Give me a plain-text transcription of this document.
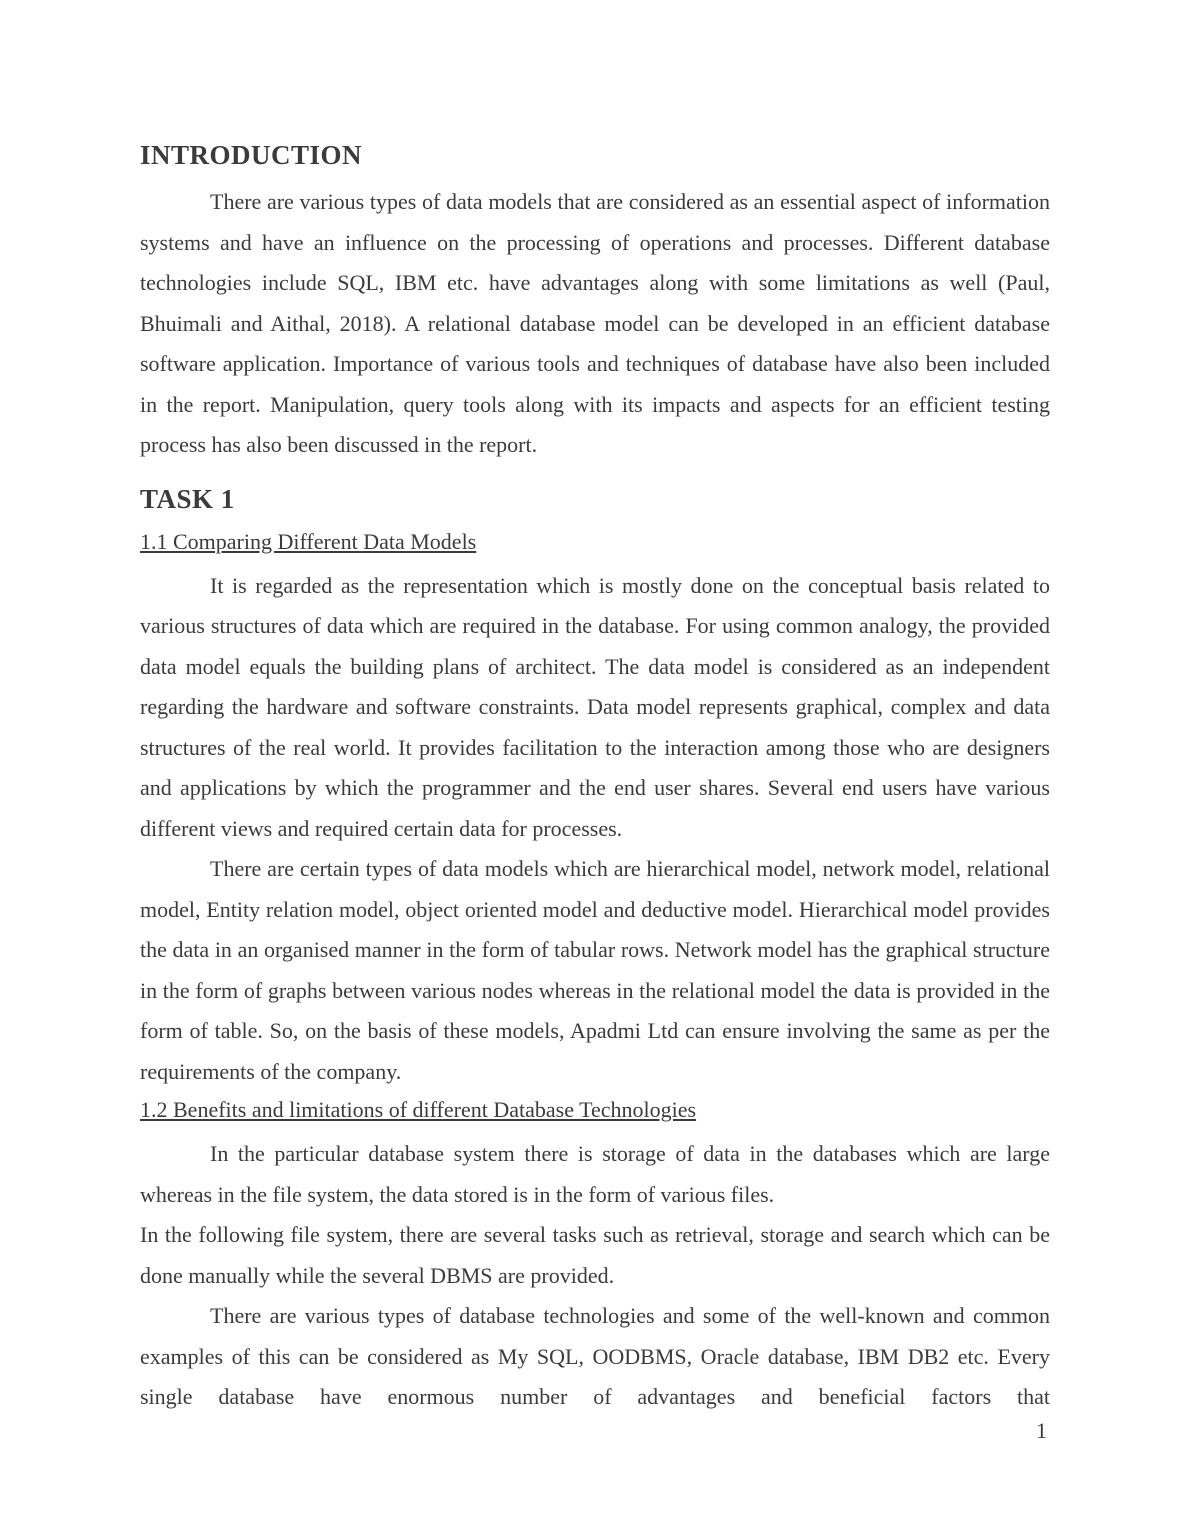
INTRODUCTION

There are various types of data models that are considered as an essential aspect of information systems and have an influence on the processing of operations and processes. Different database technologies include SQL, IBM etc. have advantages along with some limitations as well (Paul, Bhuimali and Aithal, 2018). A relational database model can be developed in an efficient database software application. Importance of various tools and techniques of database have also been included in the report. Manipulation, query tools along with its impacts and aspects for an efficient testing process has also been discussed in the report.

TASK 1
1.1 Comparing Different Data Models

It is regarded as the representation which is mostly done on the conceptual basis related to various structures of data which are required in the database. For using common analogy, the provided data model equals the building plans of architect. The data model is considered as an independent regarding the hardware and software constraints. Data model represents graphical, complex and data structures of the real world. It provides facilitation to the interaction among those who are designers and applications by which the programmer and the end user shares. Several end users have various different views and required certain data for processes.

There are certain types of data models which are hierarchical model, network model, relational model, Entity relation model, object oriented model and deductive model. Hierarchical model provides the data in an organised manner in the form of tabular rows. Network model has the graphical structure in the form of graphs between various nodes whereas in the relational model the data is provided in the form of table. So, on the basis of these models, Apadmi Ltd can ensure involving the same as per the requirements of the company.

1.2 Benefits and limitations of different Database Technologies

In the particular database system there is storage of data in the databases which are large whereas in the file system, the data stored is in the form of various files.

In the following file system, there are several tasks such as retrieval, storage and search which can be done manually while the several DBMS are provided.

There are various types of database technologies and some of the well-known and common examples of this can be considered as My SQL, OODBMS, Oracle database, IBM DB2 etc. Every single database have enormous number of advantages and beneficial factors that

1
